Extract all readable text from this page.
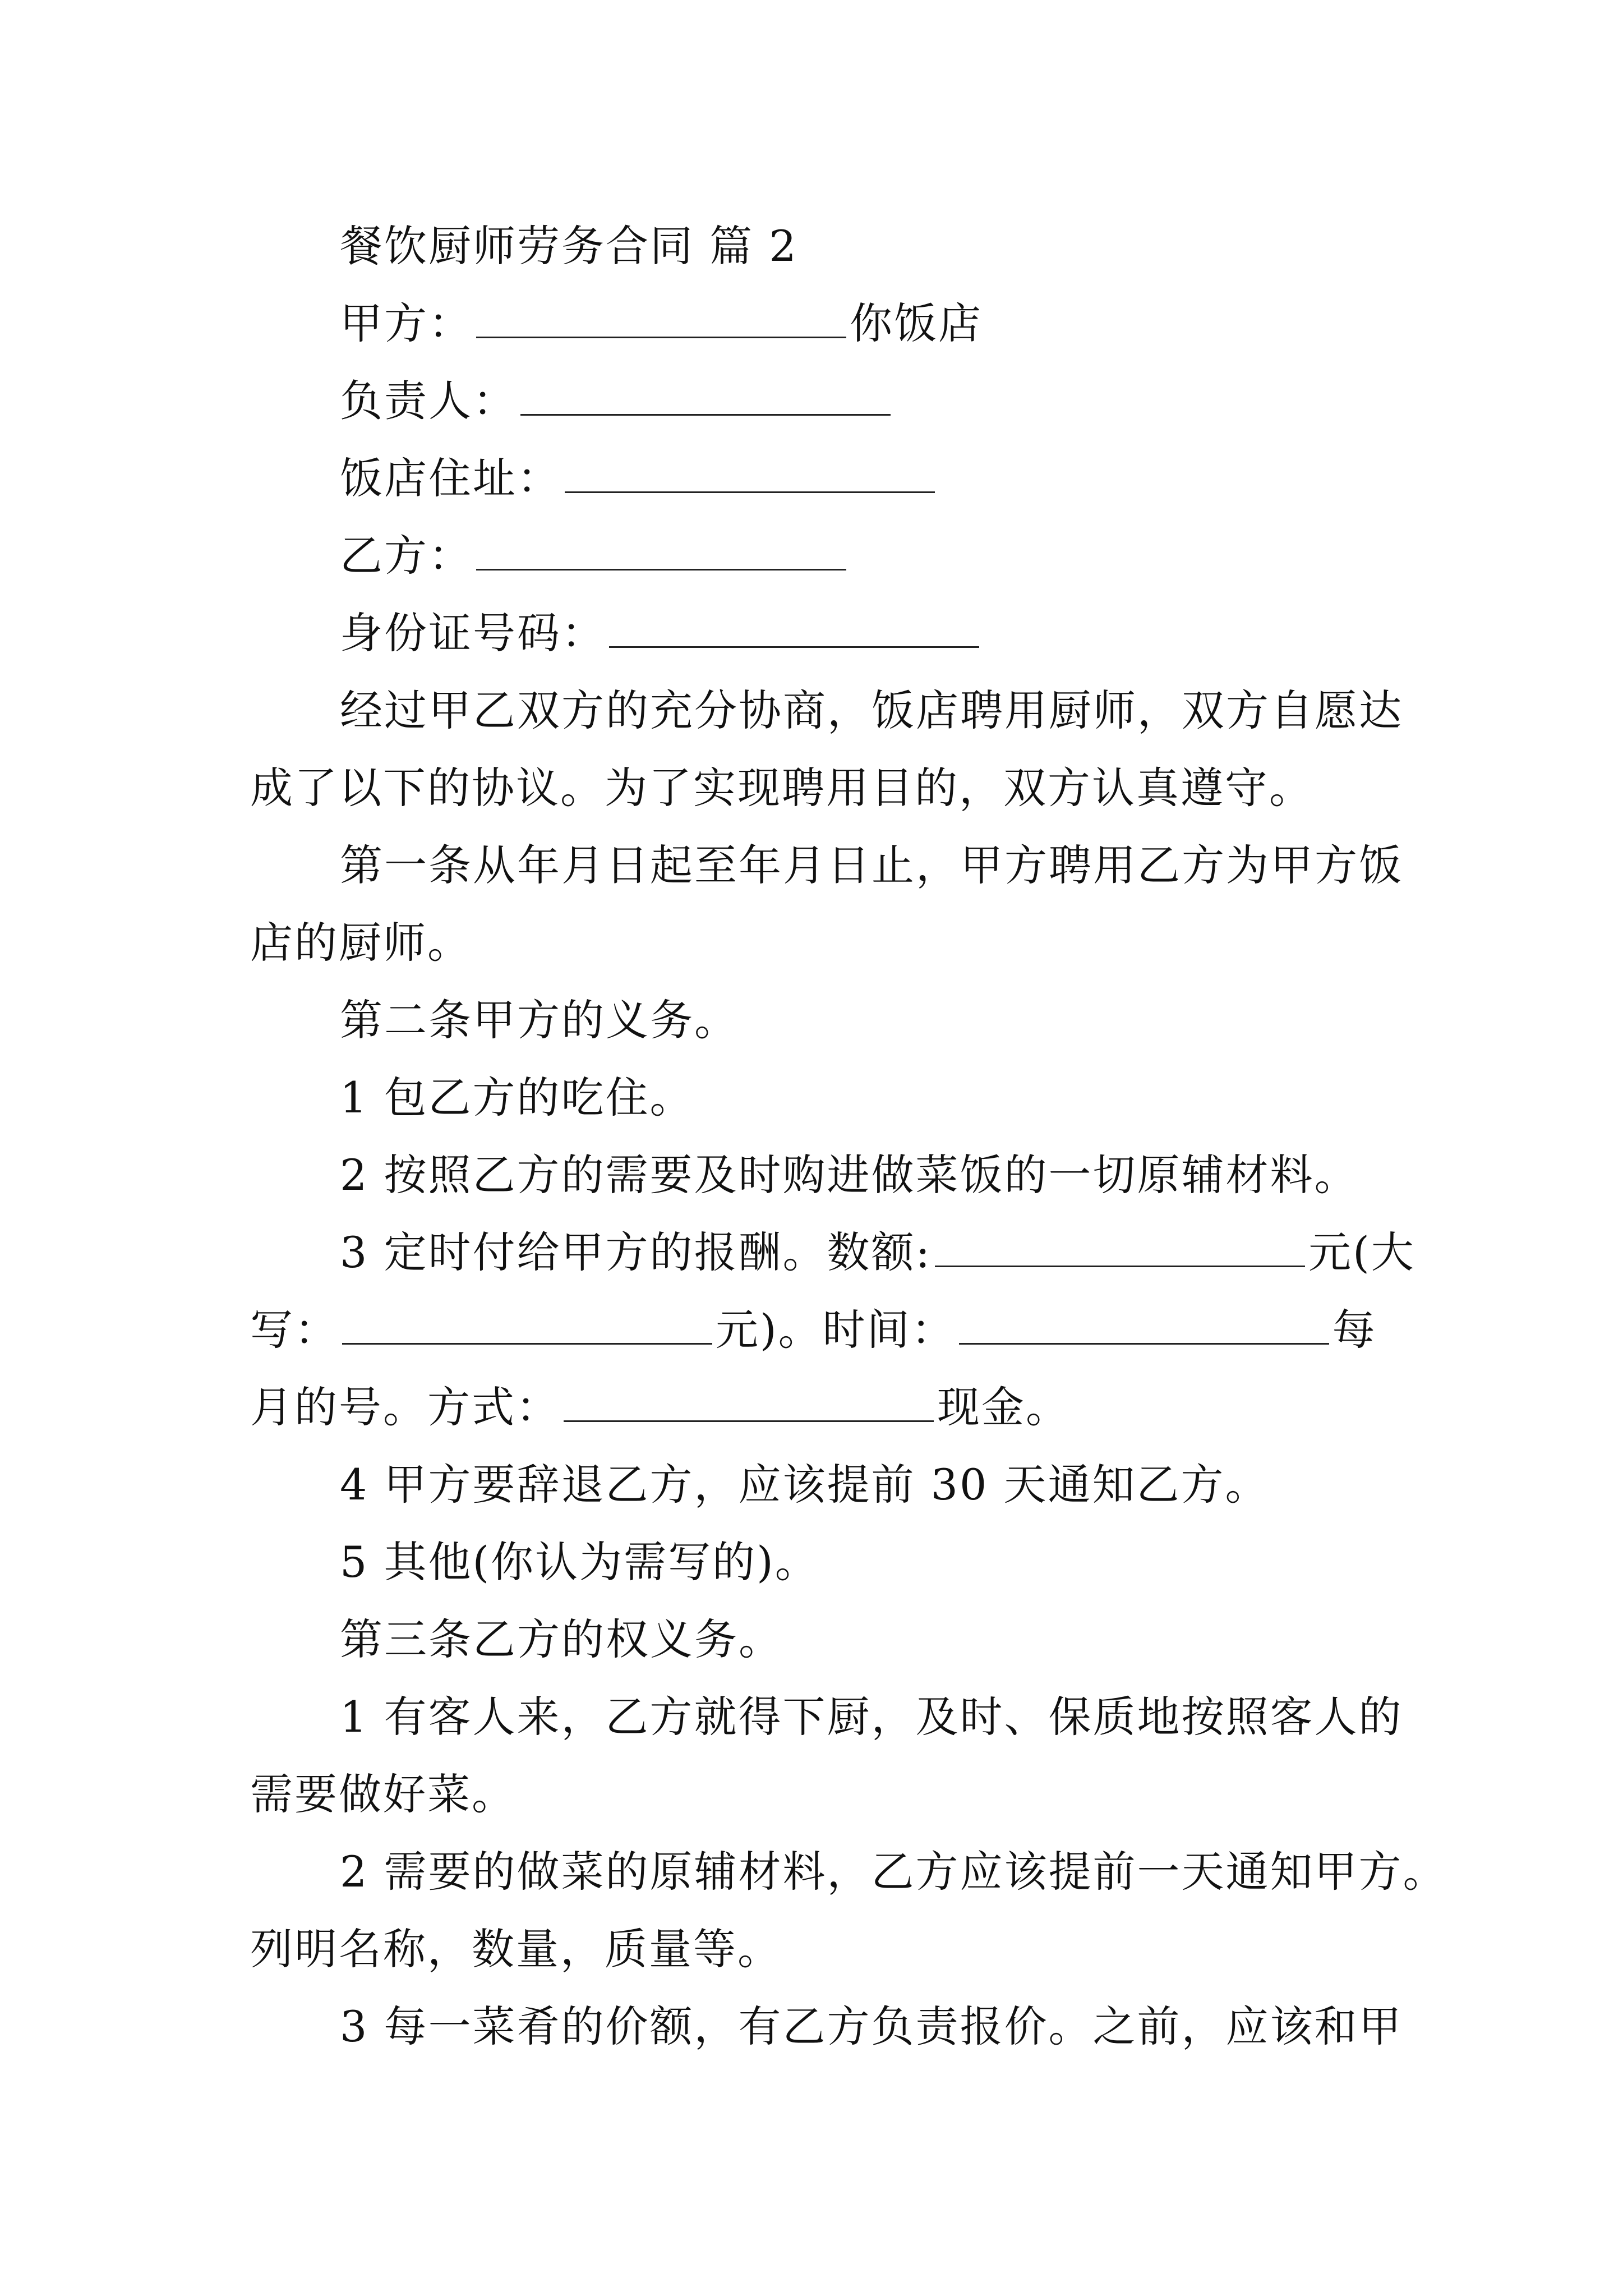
餐饮厨师劳务合同 篇 2
甲方：	你饭店
负责人：
饭店住址：
乙方：
身份证号码：
经过甲乙双方的充分协商，饭店聘用厨师，双方自愿达
成了以下的协议。为了实现聘用目的，双方认真遵守。
第一条从年月日起至年月日止，甲方聘用乙方为甲方饭
店的厨师。
第二条甲方的义务。
1 包乙方的吃住。
2 按照乙方的需要及时购进做菜饭的一切原辅材料。
3 定时付给甲方的报酬。数额:	元(大
写：	元)。时间：	每
月的号。方式：	现金。
4 甲方要辞退乙方，应该提前 30 天通知乙方。
5 其他(你认为需写的)。
第三条乙方的权义务。
1 有客人来，乙方就得下厨，及时、保质地按照客人的
需要做好菜。
2 需要的做菜的原辅材料，乙方应该提前一天通知甲方。
列明名称，数量，质量等。
3 每一菜肴的价额，有乙方负责报价。之前，应该和甲
